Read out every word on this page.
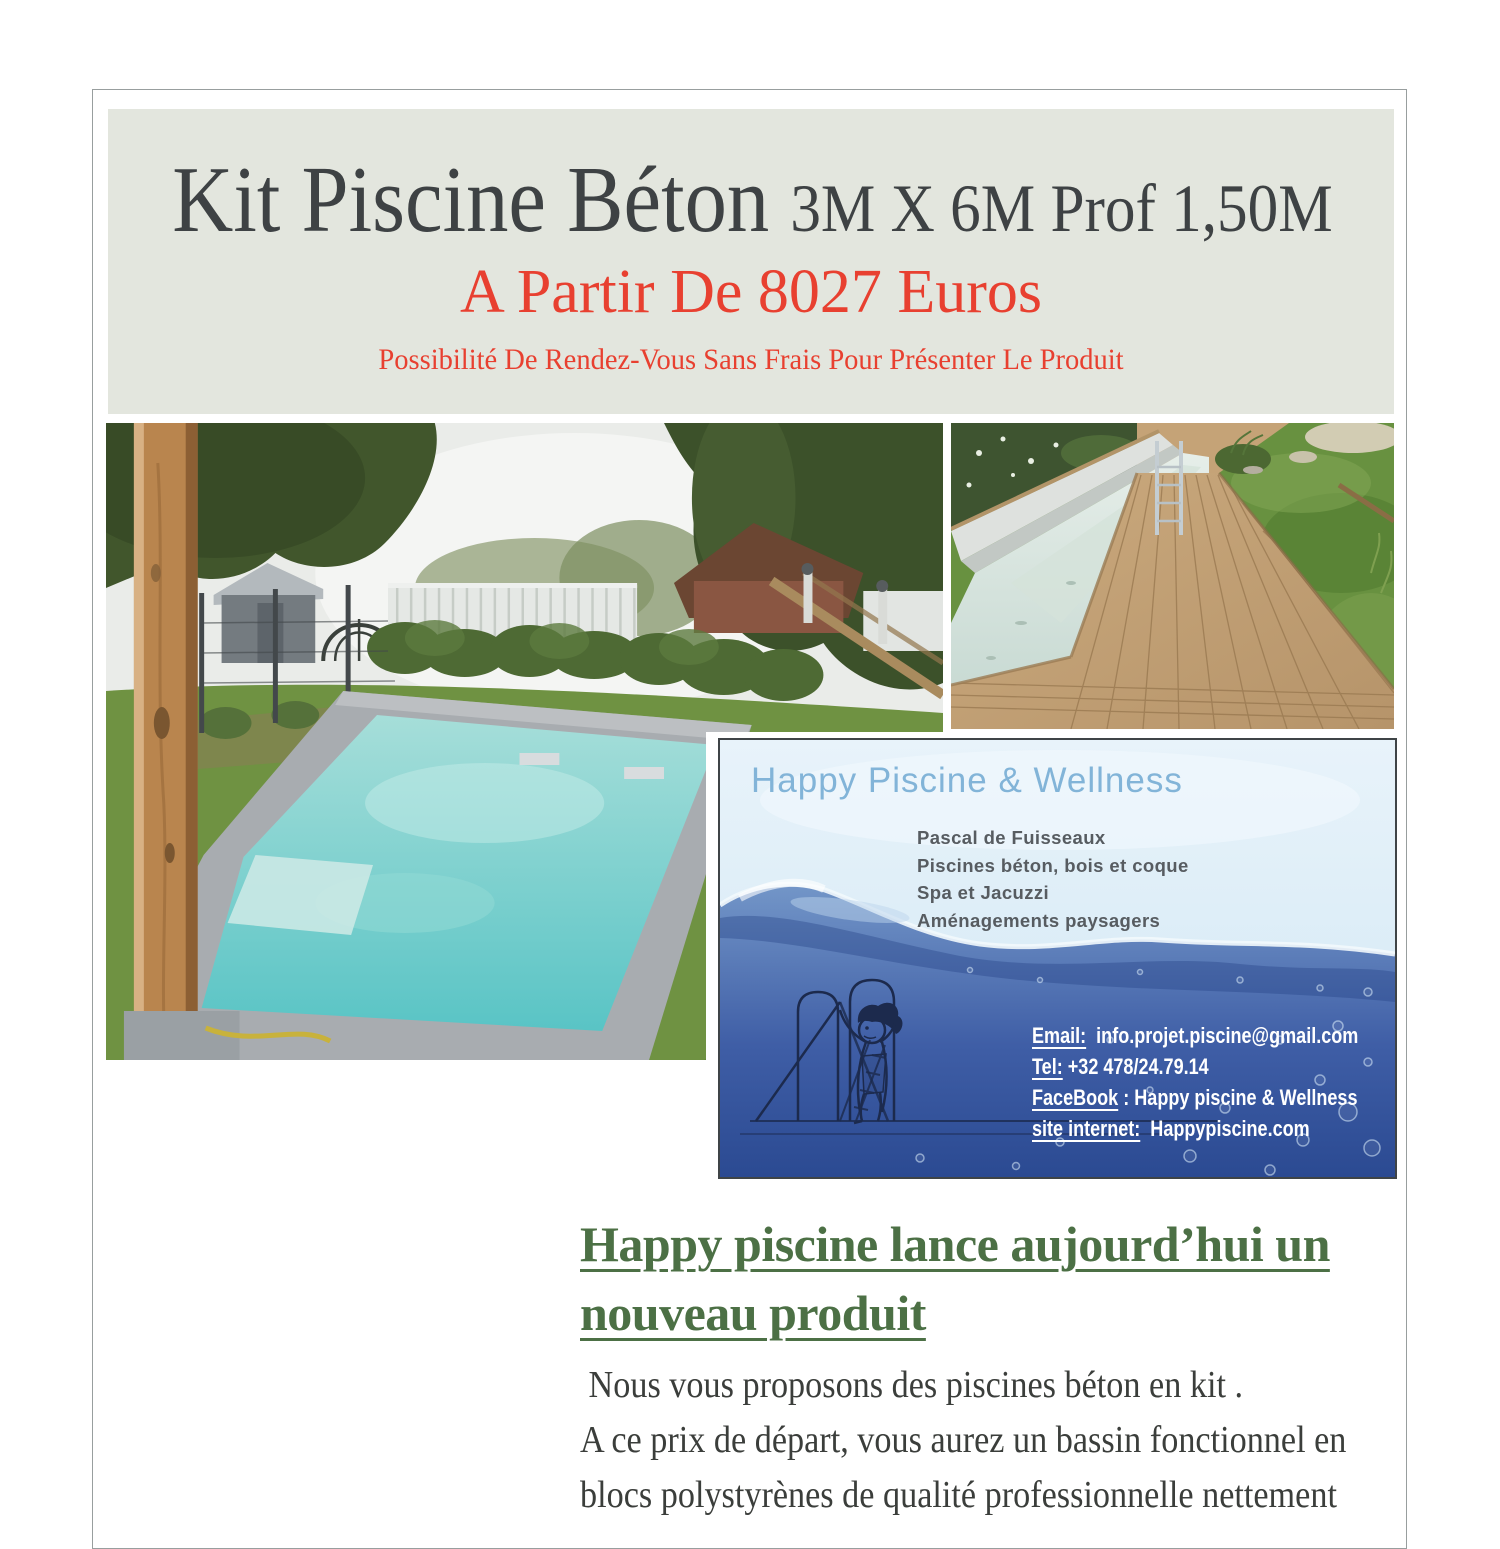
Kit Piscine Béton 3M X 6M Prof 1,50M
A Partir De 8027 Euros
Possibilité De Rendez-Vous Sans Frais Pour Présenter Le Produit
Happy Piscine & Wellness
Pascal de Fuisseaux
Piscines béton, bois et coque
Spa et Jacuzzi
Aménagements paysagers
Email:  info.projet.piscine@gmail.com
Tel: +32 478/24.79.14
FaceBook : Happy piscine & Wellness
site internet:  Happypiscine.com
Happy piscine lance aujourd’hui un
nouveau produit

Nous vous proposons des piscines béton en kit .

A ce prix de départ, vous aurez un bassin fonctionnel en
blocs polystyrènes de qualité professionnelle nettement
